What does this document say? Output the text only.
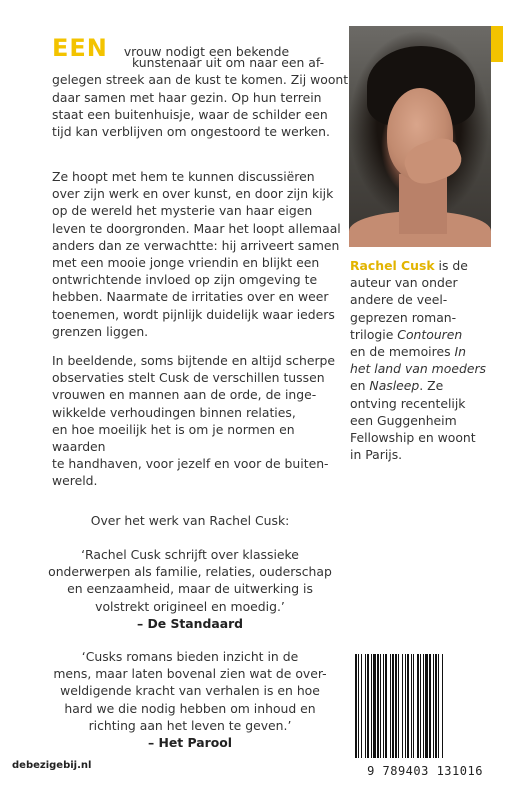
EEN vrouw nodigt een bekende
kunstenaar uit om naar een af-
gelegen streek aan de kust te komen. Zij woont
daar samen met haar gezin. Op hun terrein
staat een buitenhuisje, waar de schilder een
tijd kan verblijven om ongestoord te werken.

Ze hoopt met hem te kunnen discussiëren
over zijn werk en over kunst, en door zijn kijk
op de wereld het mysterie van haar eigen
leven te doorgronden. Maar het loopt allemaal
anders dan ze verwachtte: hij arriveert samen
met een mooie jonge vriendin en blijkt een
ontwrichtende invloed op zijn omgeving te
hebben. Naarmate de irritaties over en weer
toenemen, wordt pijnlijk duidelijk waar ieders
grenzen liggen.

In beeldende, soms bijtende en altijd scherpe
observaties stelt Cusk de verschillen tussen
vrouwen en mannen aan de orde, de inge-
wikkelde verhoudingen binnen relaties,
en hoe moeilijk het is om je normen en waarden
te handhaven, voor jezelf en voor de buiten-
wereld.

Rachel Cusk is de
auteur van onder
andere de veel-
geprezen roman-
trilogie Contouren
en de memoires In
het land van moeders
en Nasleep. Ze
ontving recentelijk
een Guggenheim
Fellowship en woont
in Parijs.

Over het werk van Rachel Cusk:

‘Rachel Cusk schrijft over klassieke
onderwerpen als familie, relaties, ouderschap
en eenzaamheid, maar de uitwerking is
volstrekt origineel en moedig.’
– De Standaard

‘Cusks romans bieden inzicht in de
mens, maar laten bovenal zien wat de over-
weldigende kracht van verhalen is en hoe
hard we die nodig hebben om inhoud en
richting aan het leven te geven.’
– Het Parool

debezigebij.nl	9 789403 131016
